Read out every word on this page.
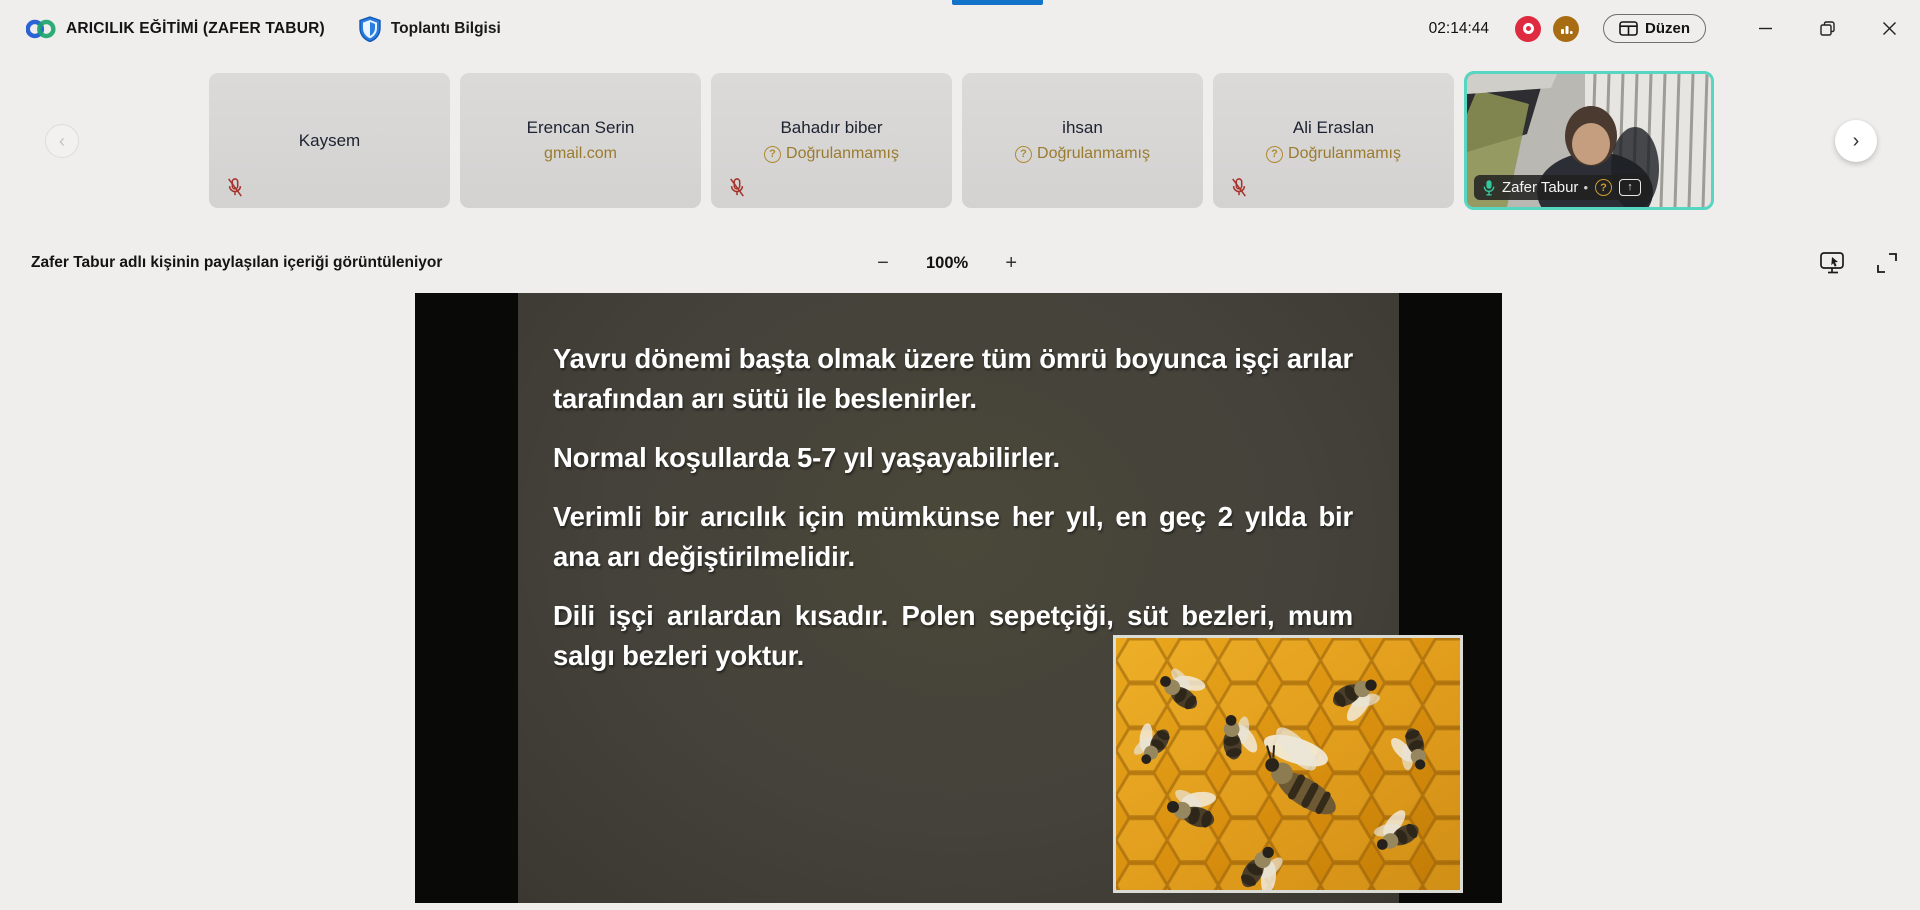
ARICILIK EĞİTİMİ (ZAFER TABUR)	Toplantı Bilgisi	02:14:44	Düzen
‹	›
Kaysem
Erencan Serin
gmail.com
Bahadır biber
? Doğrulanmamış
ihsan
? Doğrulanmamış
Ali Eraslan
? Doğrulanmamış
Zafer Tabur •	?	↑
Zafer Tabur adlı kişinin paylaşılan içeriği görüntüleniyor	−	100%	+

Yavru dönemi başta olmak üzere tüm ömrü boyunca işçi arılar tarafından arı sütü ile beslenirler.

Normal koşullarda 5-7 yıl yaşayabilirler.

Verimli bir arıcılık için mümkünse her yıl, en geç 2 yılda bir ana arı değiştirilmelidir.

Dili işçi arılardan kısadır. Polen sepetçiği, süt bezleri, mum salgı bezleri yoktur.
